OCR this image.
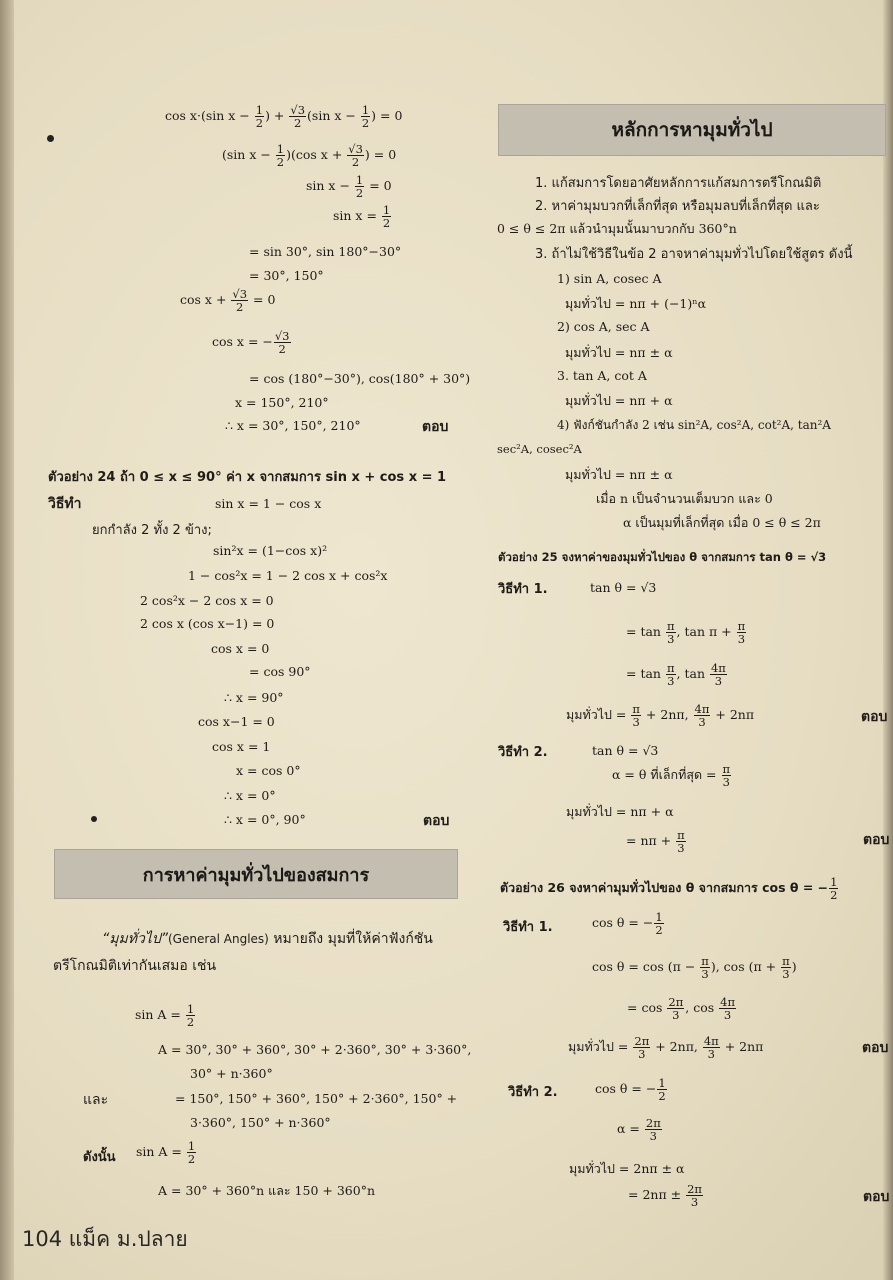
cos x·(sin $x - \frac{1}{2}$ ) + $\frac{√3}{2} (\sin$ $x - \frac{1}{2}$ ) = 0
(sin $x - \frac{1}{2} )(\cos$ $x + \frac{√3}{2}$ ) = 0
$\sin x - \frac{1}{2} = 0$
$\sin x = \frac{1}{2}$
= sin 30°, sin 180°−30°
= 30°, 150°
$\cos x + \frac{√3}{2} = 0$
cos x = − $\frac{√3}{2}$
= cos (180°−30°), cos(180° + 30°)
x = 150°, 210°
∴ x = 30°, 150°, 210°	ตอบ
ตัวอย่าง 24 ถ้า 0 ≤ x ≤ 90° ค่า x จากสมการ sin x + cos x = 1
วิธีทำ	sin x = 1 − cos x
ยกกำลัง 2 ทั้ง 2 ข้าง;
sin²x = (1−cos x)²
1 − cos²x = 1 − 2 cos x + cos²x
2 cos²x − 2 cos x = 0
2 cos x (cos x−1) = 0
cos x = 0
= cos 90°
∴ x = 90°
cos x−1 = 0
cos x = 1
x = cos 0°
∴ x = 0°
∴ x = 0°, 90°	ตอบ
การหาค่ามุมทั่วไปของสมการ
“มุมทั่วไป”(General Angles) หมายถึง มุมที่ให้ค่าฟังก์ชัน
ตรีโกณมิติเท่ากันเสมอ เช่น
$\sin A = \frac{1}{2}$
A = 30°, 30° + 360°, 30° + 2·360°, 30° + 3·360°,
30° + n·360°
และ	= 150°, 150° + 360°, 150° + 2·360°, 150° +
3·360°, 150° + n·360°
ดังนั้น $\sin A = \frac{1}{2}$
A = 30° + 360°n และ 150 + 360°n
หลักการหามุมทั่วไป
1. แก้สมการโดยอาศัยหลักการแก้สมการตรีโกณมิติ
2. หาค่ามุมบวกที่เล็กที่สุด หรือมุมลบที่เล็กที่สุด และ
0 ≤ θ ≤ 2π แล้วนำมุมนั้นมาบวกกับ 360°n
3. ถ้าไม่ใช้วิธีในข้อ 2 อาจหาค่ามุมทั่วไปโดยใช้สูตร ดังนี้
1) sin A, cosec A
มุมทั่วไป = nπ + (−1)ⁿα
2) cos A, sec A
มุมทั่วไป = nπ ± α
3. tan A, cot A
มุมทั่วไป = nπ + α
4) ฟังก์ชันกำลัง 2 เช่น sin²A, cos²A, cot²A, tan²A
sec²A, cosec²A
มุมทั่วไป = nπ ± α
เมื่อ n เป็นจำนวนเต็มบวก และ 0
α เป็นมุมที่เล็กที่สุด เมื่อ 0 ≤ θ ≤ 2π
ตัวอย่าง 25 จงหาค่าของมุมทั่วไปของ θ จากสมการ tan θ = √3
วิธีทำ 1.	tan θ = √3
= $\tan \frac{\pi}{3}$ , $\tan \pi + \frac{\pi}{3}$
= $\tan \frac{\pi}{3}$ , $\tan \frac{4\pi}{3}$
มุมทั่วไป = $\frac{\pi}{3} + 2n\pi$, $\frac{4\pi}{3} + 2n\pi$	ตอบ
วิธีทำ 2.	tan θ = √3
α = θ ที่เล็กที่สุด = $\frac{\pi}{3}$
มุมทั่วไป = nπ + α
= $n\pi + \frac{\pi}{3}$	ตอบ
ตัวอย่าง 26 จงหาค่ามุมทั่วไปของ θ จากสมการ cos θ = − $\frac{1}{2}$
วิธีทำ 1.	cos θ = − $\frac{1}{2}$
$\cos \theta = \cos (\pi - \frac{\pi}{3}$ ), $\cos (\pi + \frac{\pi}{3}$ )
= $\cos \frac{2\pi}{3}$ , $\cos \frac{4\pi}{3}$
มุมทั่วไป = $\frac{2\pi}{3} + 2n\pi$, $\frac{4\pi}{3} + 2n\pi$	ตอบ
วิธีทำ 2.	cos θ = − $\frac{1}{2}$
$\alpha = \frac{2\pi}{3}$
มุมทั่วไป = 2nπ ± α
= $2n\pi \pm \frac{2\pi}{3}$	ตอบ
104 แม็ค ม.ปลาย
